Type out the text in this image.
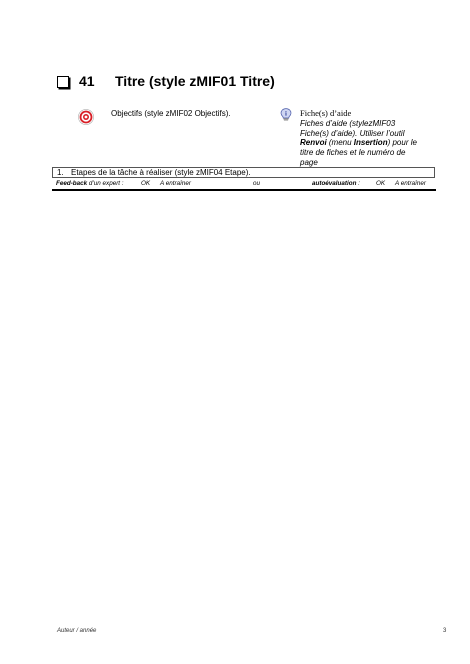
41	Titre (style zMIF01 Titre)
Objectifs (style zMIF02 Objectifs).	i Fiche(s) d’aide
Fiches d’aide (stylezMIF03
Fiche(s) d’aide). Utiliser l’outil
Renvoi (menu Insertion) pour le
titre de fiches et le numéro de
page
1. Etapes de la tâche à réaliser (style zMIF04 Etape).
Feed-back d’un expert :	OK A entraîner	ou	autoévaluation :	OK A entraîner
Auteur / année	3
